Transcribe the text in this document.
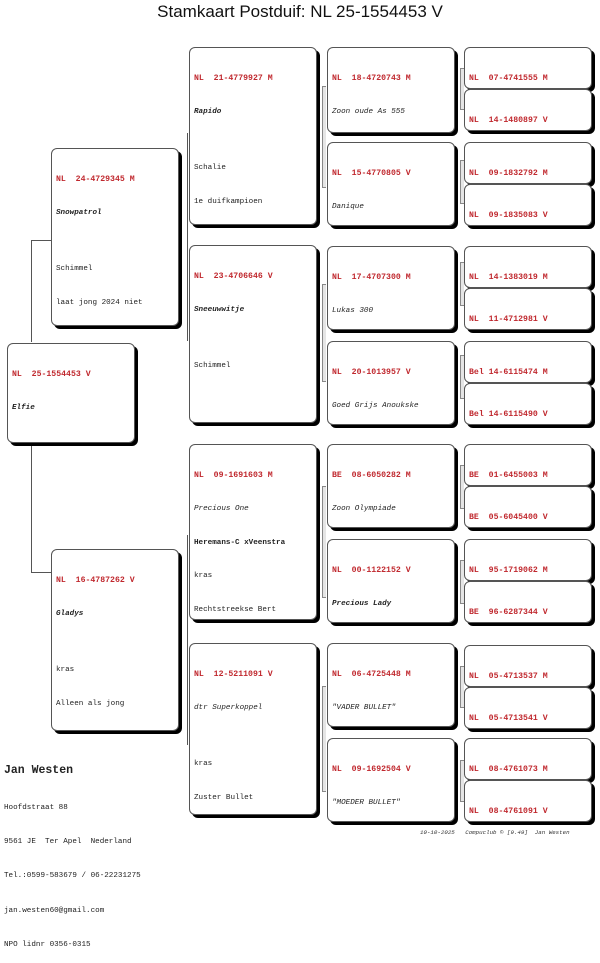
Stamkaart Postduif: NL 25-1554453 V

NL  25-1554453 V

Elfie

NL  24-4729345 M

Snowpatrol

Schimmel

laat jong 2024 niet

NL  16-4787262 V

Gladys

kras

Alleen als jong

NL  21-4779927 M

Rapido

Schalie

1e duifkampioen

NL  23-4706646 V

Sneeuwwitje

Schimmel

NL  09-1691603 M

Precious One

Heremans-C xVeenstra

kras

Rechtstreekse Bert

NL  12-5211091 V

dtr Superkoppel

kras

Zuster Bullet

NL  18-4720743 M

Zoon oude As 555

NL  15-4770805 V

Danique

NL  17-4707300 M

Lukas 300

NL  20-1013957 V

Goed Grijs Anoukske

BE  08-6050282 M

Zoon Olympiade

NL  00-1122152 V

Precious Lady

NL  06-4725448 M

"VADER BULLET"

NL  09-1692504 V

"MOEDER BULLET"

NL  07-4741555 M

NL  14-1480897 V

NL  09-1832792 M

NL  09-1835083 V

NL  14-1383019 M

NL  11-4712981 V

Bel 14-6115474 M

Bel 14-6115490 V

BE  01-6455003 M

BE  05-6045400 V

NL  95-1719062 M

BE  96-6287344 V

NL  05-4713537 M

NL  05-4713541 V

NL  08-4761073 M

NL  08-4761091 V

Jan Westen

Hoofdstraat 88

9561 JE  Ter Apel  Nederland

Tel.:0599-583679 / 06-22231275

jan.westen60@gmail.com

NPO lidnr 0356-0315

10-10-2025   Compuclub © [9.49]  Jan Westen
